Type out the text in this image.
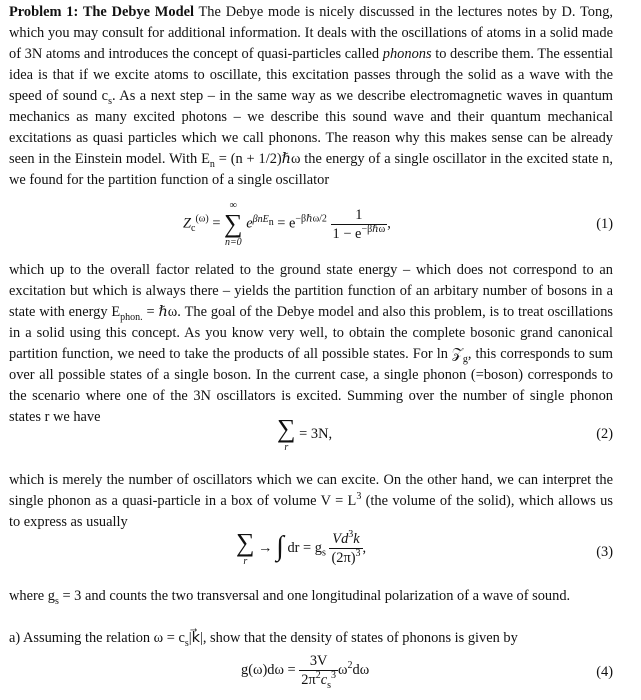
Problem 1: The Debye Model The Debye mode is nicely discussed in the lectures notes by D. Tong, which you may consult for additional information. It deals with the oscillations of atoms in a solid made of 3N atoms and introduces the concept of quasi-particles called phonons to describe them. The essential idea is that if we excite atoms to oscillate, this excitation passes through the solid as a wave with the speed of sound $c_s$. As a next step – in the same way as we describe electromagnetic waves in quantum mechanics as many excited photons – we describe this sound wave and their quantum mechanical excitations as quasi particles which we call phonons. The reason why this makes sense can be already seen in the Einstein model. With $E_n = (n$ + 1/2)ℏω the energy of a single oscillator in the excited state n, we found for the partition function of a single oscillator

$Z_c^{(\omega)}$ =
∞
∑
n=0
$e^{\beta nE_n} = e^{-\beta\hbar\omega/2} \frac{1}{1 - e^{-\beta\hbar\omega}}$ ,	(1)

which up to the overall factor related to the ground state energy – which does not correspond to an excitation but which is always there – yields the partition function of an arbitary number of bosons in a state with energy $E_{phon.}$ = ℏω. The goal of the Debye model and also this problem, is to treat oscillations in a solid using this concept. As you know very well, to obtain the complete bosonic grand canonical partition function, we need to take the products of all possible states. For ln 𝒵$_g$, this corresponds to sum over all possible states of a single boson. In the current case, a single phonon (=boson) corresponds to the scenario where one of the 3N oscillators is excited. Summing over the number of single phonon states r we have	∑
r
= 3N,	(2)

which is merely the number of oscillators which we can excite. On the other hand, we can interpret the single phonon as a quasi-particle in a box of volume $V = L^3$ (the volume of the solid), which allows us to express as usually

∑
r
→ ∫ dr = $g_s \frac{Vd^3k}{(2\pi)^3}$ ,	(3)

where $g_s = 3$ and counts the two transversal and one longitudinal polarization of a wave of sound.

a) Assuming the relation $\omega = c_s|k⃗|$, show that the density of states of phonons is given by

$g(\omega)d\omega = \frac{3V}{2\pi^2c_s^3} \omega^2d\omega$	(4)
